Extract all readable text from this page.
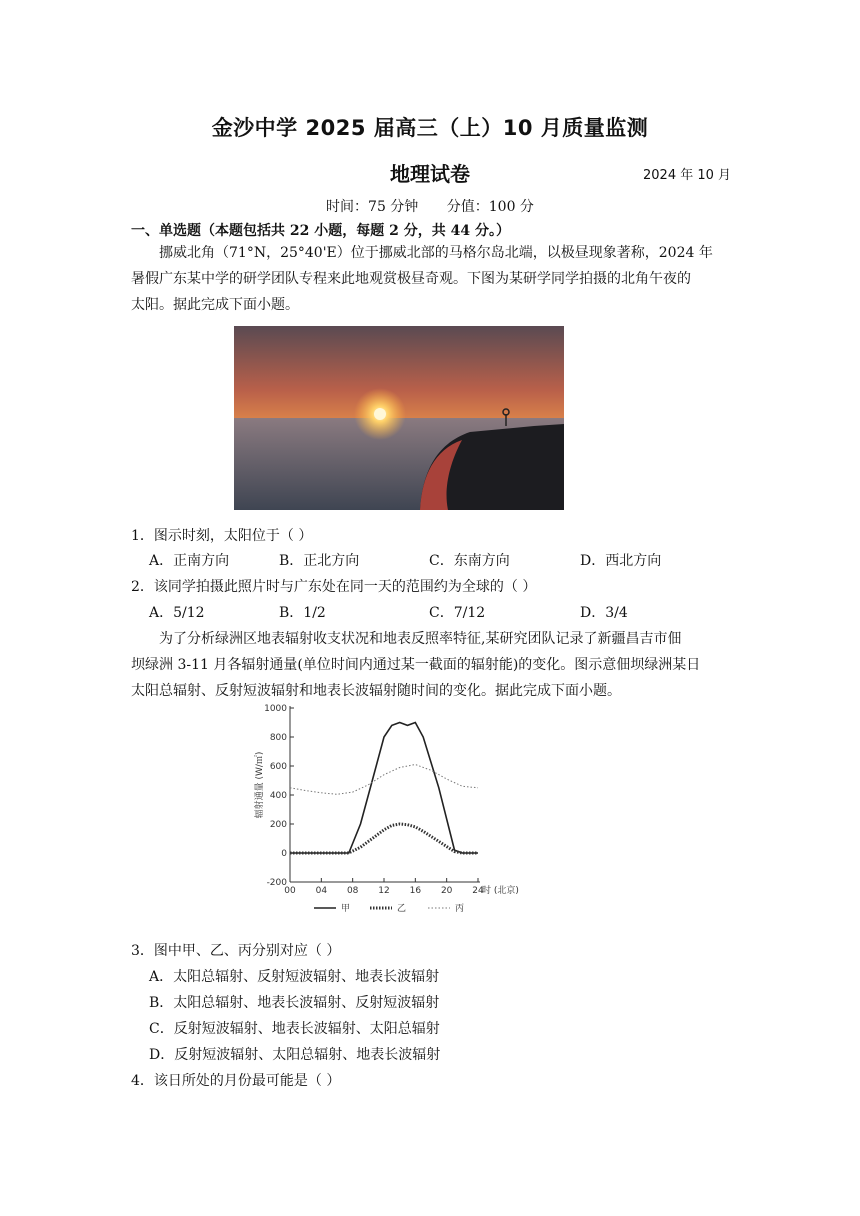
金沙中学 2025 届高三（上）10 月质量监测
地理试卷	2024 年 10 月
时间：75 分钟 分值：100 分
一、单选题（本题包括共 22 小题，每题 2 分，共 44 分。）
挪威北角（71°N，25°40'E）位于挪威北部的马格尔岛北端，以极昼现象著称，2024 年
暑假广东某中学的研学团队专程来此地观赏极昼奇观。下图为某研学同学拍摄的北角午夜的
太阳。据此完成下面小题。
1．图示时刻，太阳位于（ ）
A．正南方向	B．正北方向	C．东南方向	D．西北方向
2．该同学拍摄此照片时与广东处在同一天的范围约为全球的（ ）
A．5/12	B．1/2	C．7/12	D．3/4
为了分析绿洲区地表辐射收支状况和地表反照率特征,某研究团队记录了新疆昌吉市佃
坝绿洲 3-11 月各辐射通量(单位时间内通过某一截面的辐射能)的变化。图示意佃坝绿洲某日
太阳总辐射、反射短波辐射和地表长波辐射随时间的变化。据此完成下面小题。
1000
800
600
400
200
0
-200
00 04 08 12 16 20 24
时 (北京)
辐射通量 (W/㎡)
甲	乙	丙
3．图中甲、乙、丙分别对应（ ）
A．太阳总辐射、反射短波辐射、地表长波辐射
B．太阳总辐射、地表长波辐射、反射短波辐射
C．反射短波辐射、地表长波辐射、太阳总辐射
D．反射短波辐射、太阳总辐射、地表长波辐射
4．该日所处的月份最可能是（ ）
